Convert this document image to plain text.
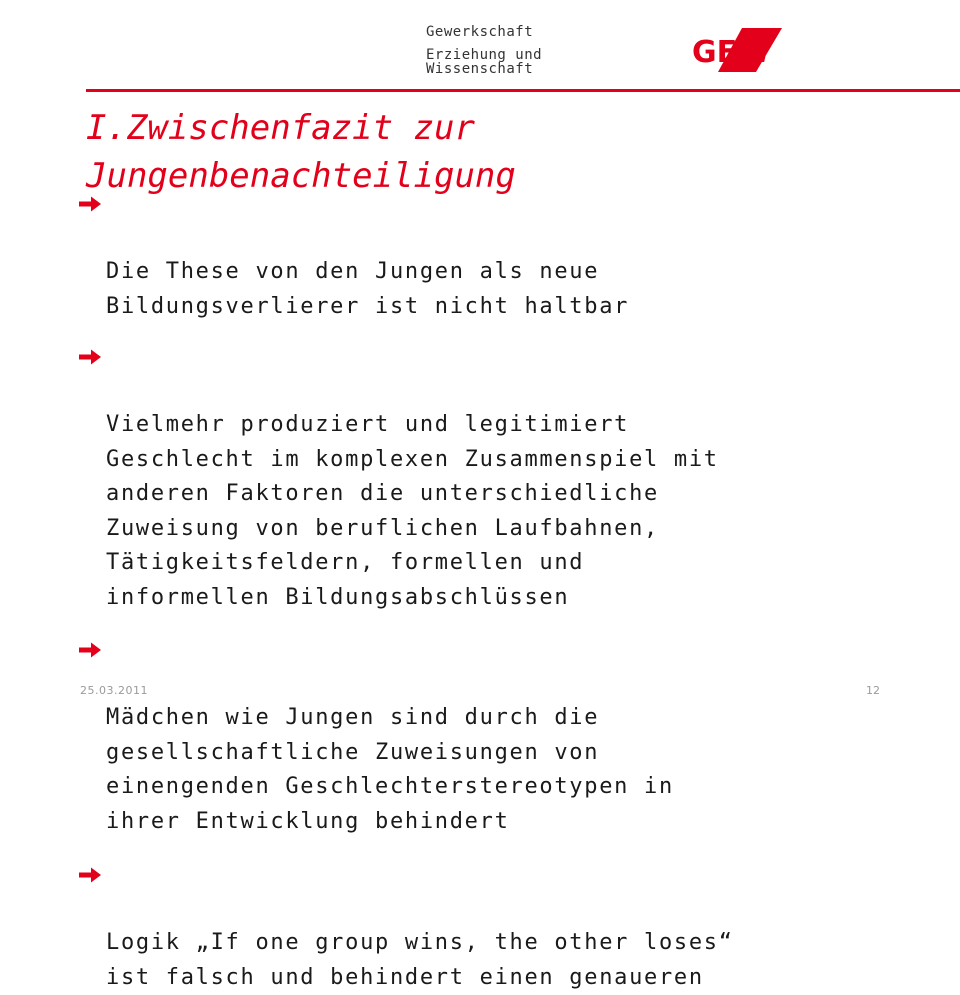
Gewerkschaft
Erziehung und
Wissenschaft	GEW
I.Zwischenfazit zur Jungenbenachteiligung

Die These von den Jungen als neue
Bildungsverlierer ist nicht haltbar

Vielmehr produziert und legitimiert
Geschlecht im komplexen Zusammenspiel mit
anderen Faktoren die unterschiedliche
Zuweisung von beruflichen Laufbahnen,
Tätigkeitsfeldern, formellen und
informellen Bildungsabschlüssen

Mädchen wie Jungen sind durch die
gesellschaftliche Zuweisungen von
einengenden Geschlechterstereotypen in
ihrer Entwicklung behindert

Logik „If one group wins, the other loses“
ist falsch und behindert einen genaueren

25.03.2011	12
